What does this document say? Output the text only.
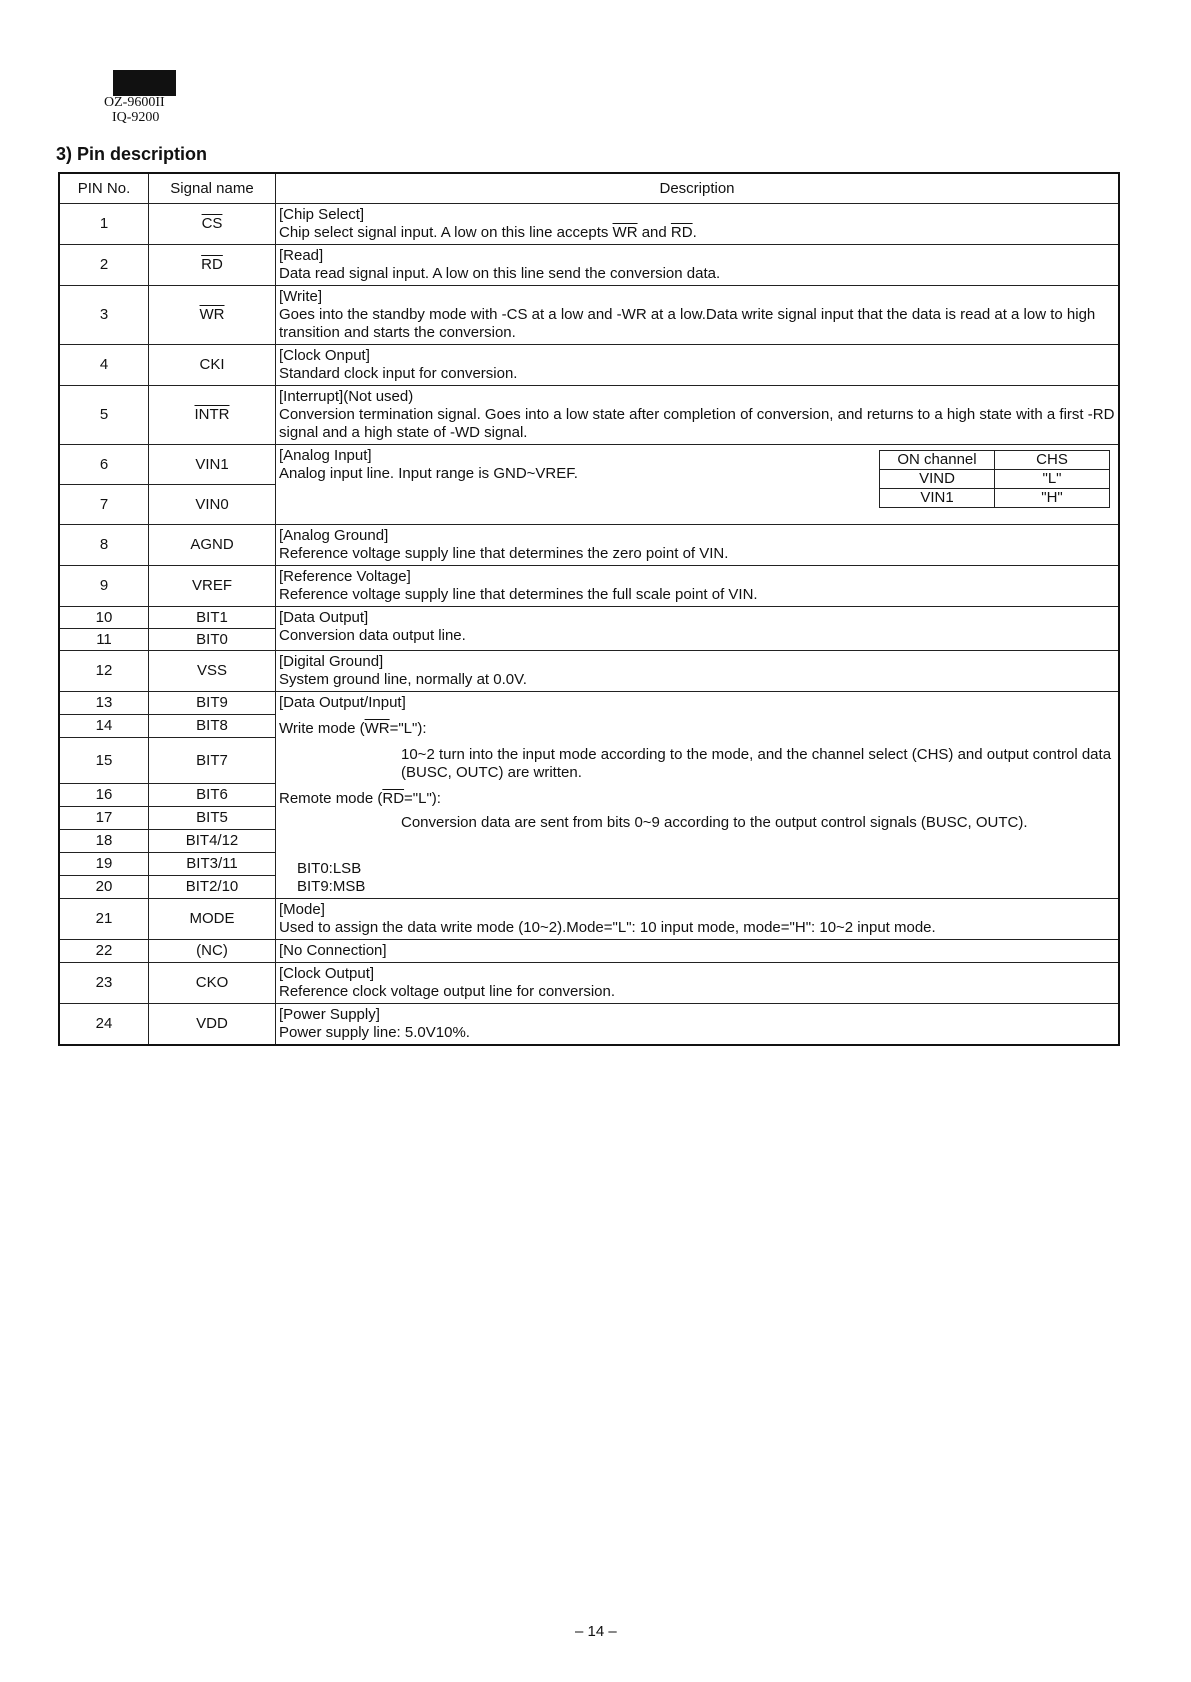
OZ-9600II
IQ-9200
3) Pin description
PIN No.	Signal name	Description
1	$\overline{CS}$	
[Chip Select]
Chip select signal input. A low on this line accepts $\overline{WR}$ and $\overline{RD}$.

2	$\overline{RD}$	
[Read]
Data read signal input. A low on this line send the conversion data.

3	$\overline{WR}$	
[Write]
Goes into the standby mode with -CS at a low and -WR at a low.Data write signal input that the data is read at a low to high transition and starts the conversion.

4	CKI	
[Clock Onput]
Standard clock input for conversion.

5	INTR	
[Interrupt](Not used)
Conversion termination signal. Goes into a low state after completion of conversion, and returns to a high state with a first -RD signal and a high state of -WD signal.

6	VIN1	[Analog Input]
Analog input line. Input range is GND~VREF.
ON channel	CHS
VIND	"L"
VIN1	"H"

7	VIN0
8	AGND	
[Analog Ground]
Reference voltage supply line that determines the zero point of VIN.

9	VREF	
[Reference Voltage]
Reference voltage supply line that determines the full scale point of VIN.

10	BIT1	[Data Output]
Conversion data output line.

11	BIT0
12	VSS	
[Digital Ground]
System ground line, normally at 0.0V.

13	BIT9	[Data Output/Input]
Write mode $(\overline{WR}="L")$:
10~2 turn into the input mode according to the mode, and the channel select (CHS) and output control data (BUSC, OUTC) are written.
Remote mode $(\overline{RD}="L")$:
Conversion data are sent from bits 0~9 according to the output control signals (BUSC, OUTC).
BIT0:LSB
BIT9:MSB

14	BIT8
15	BIT7
16	BIT6
17	BIT5
18	BIT4/12
19	BIT3/11
20	BIT2/10
21	MODE	
[Mode]
Used to assign the data write mode (10~2).Mode="L": 10 input mode, mode="H": 10~2 input mode.

22	(NC)	[No Connection]

23	CKO	
[Clock Output]
Reference clock voltage output line for conversion.

24	VDD	
[Power Supply]
Power supply line: 5.0V10%.
– 14 –
